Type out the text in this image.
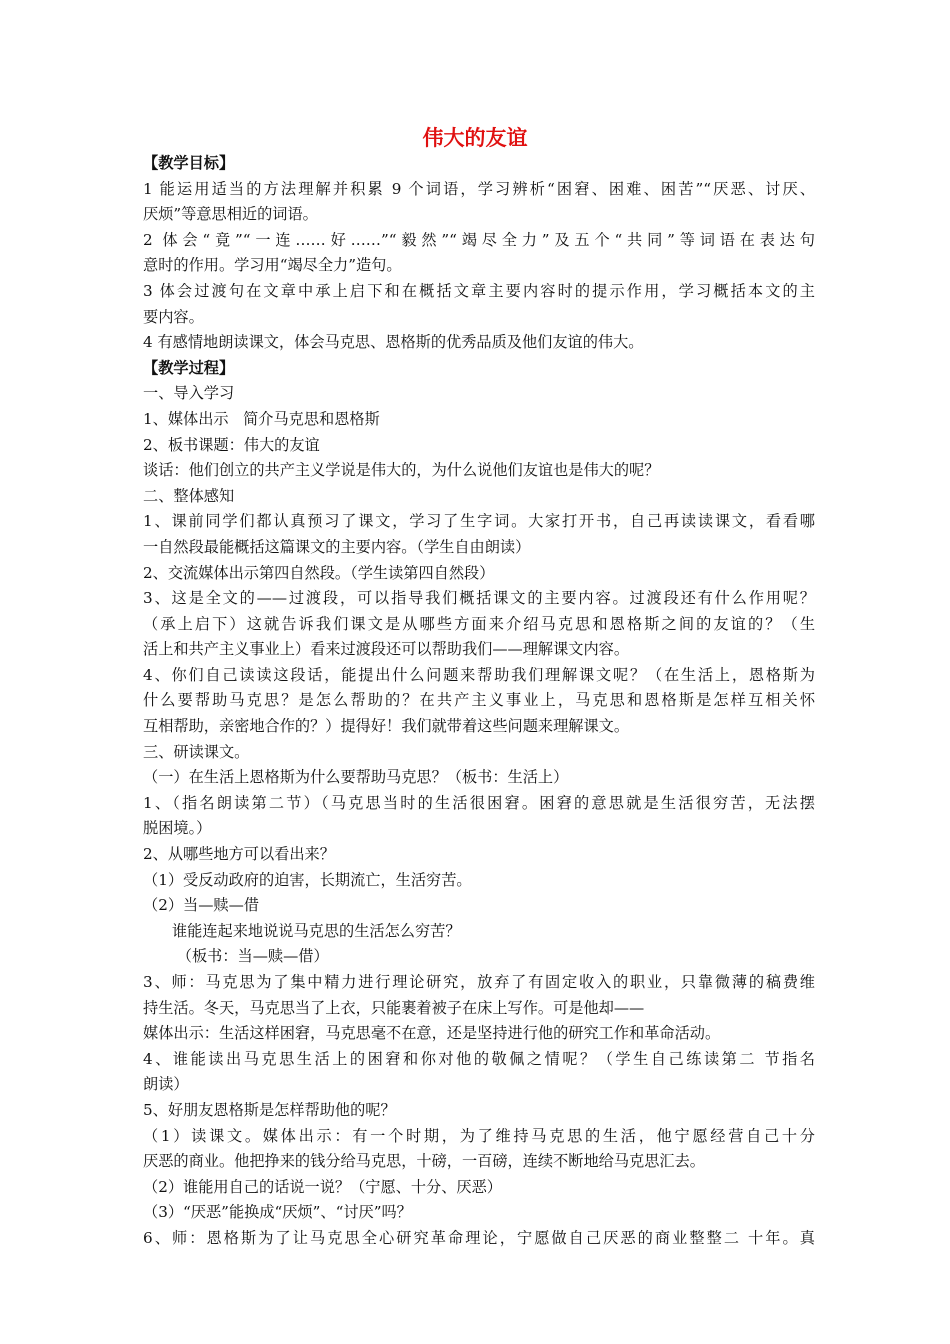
伟大的友谊
【教学目标】
1 能运用适当的方法理解并积累 9 个词语，学习辨析“困窘、困难、困苦”“厌恶、讨厌、
厌烦”等意思相近的词语。
2 体会“竟”“一连……好……”“毅然”“竭尽全力”及五个“共同”等词语在表达句
意时的作用。学习用“竭尽全力”造句。
3 体会过渡句在文章中承上启下和在概括文章主要内容时的提示作用，学习概括本文的主
要内容。
4 有感情地朗读课文，体会马克思、恩格斯的优秀品质及他们友谊的伟大。
【教学过程】
一、导入学习
1、媒体出示   简介马克思和恩格斯
2、板书课题：伟大的友谊
谈话：他们创立的共产主义学说是伟大的，为什么说他们友谊也是伟大的呢？
二、整体感知
1、课前同学们都认真预习了课文，学习了生字词。大家打开书，自己再读读课文，看看哪
一自然段最能概括这篇课文的主要内容。（学生自由朗读）
2、交流媒体出示第四自然段。（学生读第四自然段）
3、这是全文的——过渡段，可以指导我们概括课文的主要内容。过渡段还有什么作用呢？
（承上启下）这就告诉我们课文是从哪些方面来介绍马克思和恩格斯之间的友谊的？（生
活上和共产主义事业上）看来过渡段还可以帮助我们——理解课文内容。
4、你们自己读读这段话，能提出什么问题来帮助我们理解课文呢？（在生活上，恩格斯为
什么要帮助马克思？是怎么帮助的？在共产主义事业上，马克思和恩格斯是怎样互相关怀
互相帮助，亲密地合作的？）提得好！我们就带着这些问题来理解课文。
三、研读课文。
（一）在生活上恩格斯为什么要帮助马克思？（板书：生活上）
1、（指名朗读第二节）（马克思当时的生活很困窘。困窘的意思就是生活很穷苦，无法摆
脱困境。）
2、从哪些地方可以看出来？
（1）受反动政府的迫害，长期流亡，生活穷苦。
（2）当—赎—借
谁能连起来地说说马克思的生活怎么穷苦？
（板书：当—赎—借）
3、师：马克思为了集中精力进行理论研究，放弃了有固定收入的职业，只靠微薄的稿费维
持生活。冬天，马克思当了上衣，只能裹着被子在床上写作。可是他却——
媒体出示：生活这样困窘，马克思毫不在意，还是坚持进行他的研究工作和革命活动。
4、谁能读出马克思生活上的困窘和你对他的敬佩之情呢？（学生自己练读第二 节指名
朗读）
5、好朋友恩格斯是怎样帮助他的呢？
（1）读课文。媒体出示：有一个时期，为了维持马克思的生活，他宁愿经营自己十分
厌恶的商业。他把挣来的钱分给马克思，十磅，一百磅，连续不断地给马克思汇去。
（2）谁能用自己的话说一说？（宁愿、十分、厌恶）
（3）“厌恶”能换成“厌烦”、“讨厌”吗？
6、师：恩格斯为了让马克思全心研究革命理论，宁愿做自己厌恶的商业整整二 十年。真
